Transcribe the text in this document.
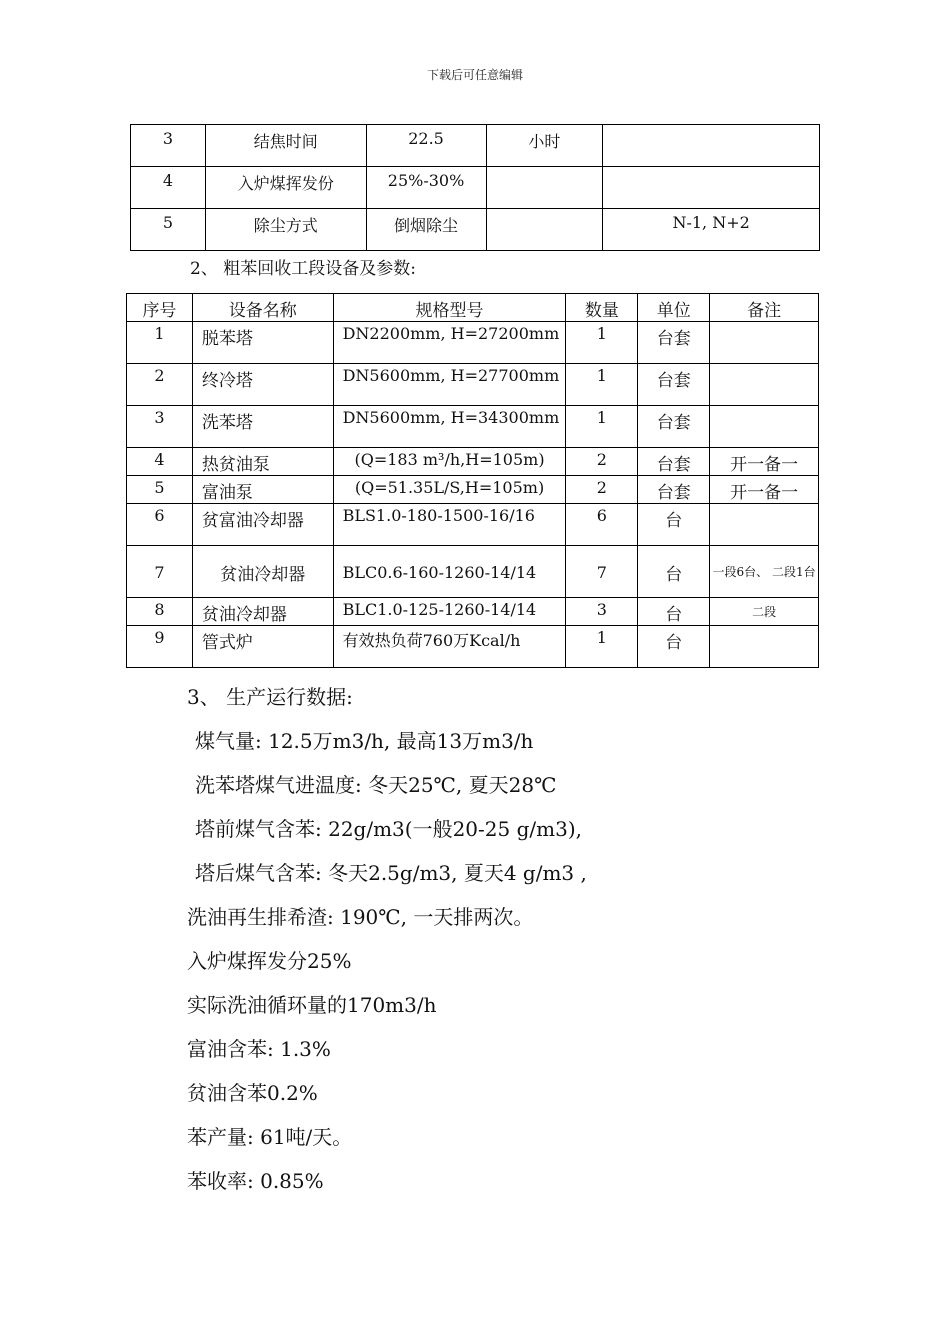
下载后可任意编辑
3	结焦时间	22.5	小时	
4	入炉煤挥发份	25%-30%		
5	除尘方式	倒烟除尘		N-1, N+2
2、 粗苯回收工段设备及参数:
序号	设备名称	规格型号	数量	单位	备注
1	脱苯塔	DN2200mm, H=27200mm	1	台套	
2	终冷塔	DN5600mm, H=27700mm	1	台套	
3	洗苯塔	DN5600mm, H=34300mm	1	台套	
4	热贫油泵	(Q=183 m³/h,H=105m)	2	台套	开一备一
5	富油泵	(Q=51.35L/S,H=105m)	2	台套	开一备一
6	贫富油冷却器	BLS1.0-180-1500-16/16	6	台	
7	贫油冷却器	BLC0.6-160-1260-14/14	7	台	一段6台、 二段1台
8	贫油冷却器	BLC1.0-125-1260-14/14	3	台	二段
9	管式炉	有效热负荷760万Kcal/h	1	台	
3、 生产运行数据:
煤气量: 12.5万m3/h, 最高13万m3/h
洗苯塔煤气进温度: 冬天25℃, 夏天28℃
塔前煤气含苯: 22g/m3(一般20-25 g/m3),
塔后煤气含苯: 冬天2.5g/m3, 夏天4 g/m3 ,
洗油再生排希渣: 190℃, 一天排两次。
入炉煤挥发分25%
实际洗油循环量的170m3/h
富油含苯: 1.3%
贫油含苯0.2%
苯产量: 61吨/天。
苯收率: 0.85%
